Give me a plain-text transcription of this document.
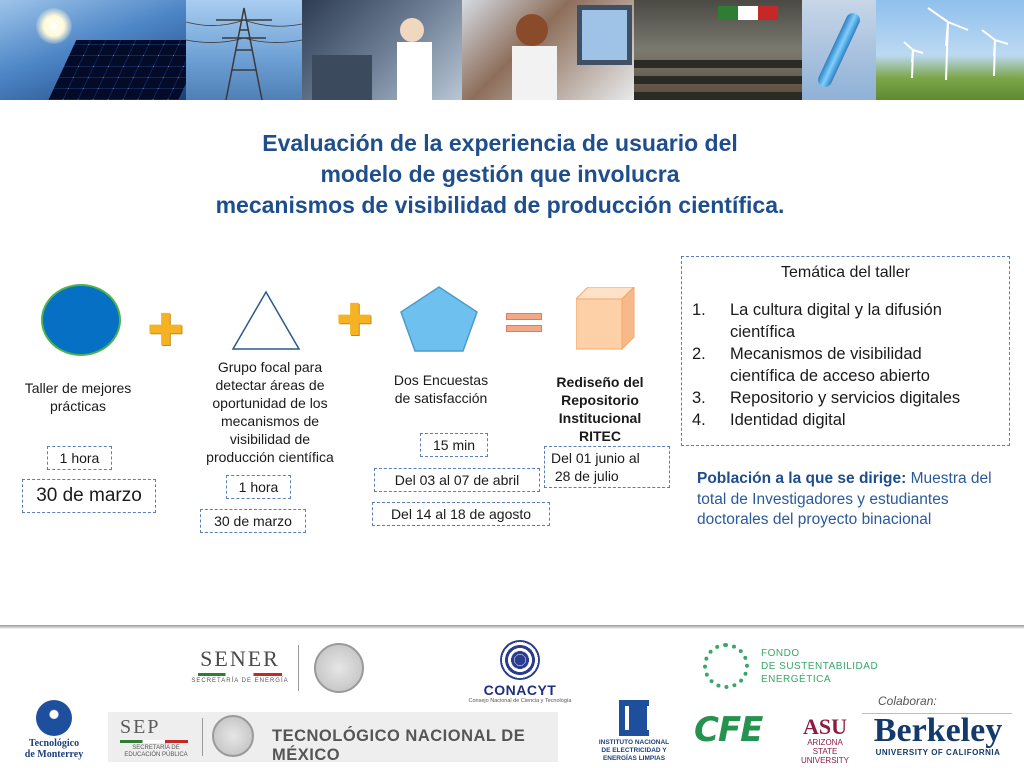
Evaluación de la experiencia de usuario del
modelo de gestión que involucra
mecanismos de visibilidad de producción científica.
✚	✚
Taller de mejores
prácticas
Grupo focal para
detectar áreas de
oportunidad de los
mecanismos de
visibilidad de
producción científica
Dos Encuestas
de satisfacción
Rediseño del
Repositorio
Institucional
RITEC
1 hora
30 de marzo	1 hora
30 de marzo
15 min
Del 03 al 07 de abril
Del 14 al 18 de agosto
Del 01 junio al
28 de julio
Temática del taller
1.	La cultura digital y la difusión
científica
2.	Mecanismos de visibilidad
científica de acceso abierto
3.	Repositorio y servicios digitales
4.	Identidad digital
Población a la que se dirige: Muestra del total de Investigadores y estudiantes doctorales del proyecto binacional
SENER
SECRETARÍA DE ENERGÍA
CONACYT
Consejo Nacional de Ciencia y Tecnología
FONDO
DE SUSTENTABILIDAD
ENERGÉTICA
Colaboran:
Tecnológico
de Monterrey
SEP
SECRETARÍA DE
EDUCACIÓN PÚBLICA
TECNOLÓGICO NACIONAL DE MÉXICO
INSTITUTO NACIONAL
DE ELECTRICIDAD Y
ENERGÍAS LIMPIAS
CFE ASU
ARIZONA STATE
UNIVERSITY
Berkeley
UNIVERSITY OF CALIFORNIA
